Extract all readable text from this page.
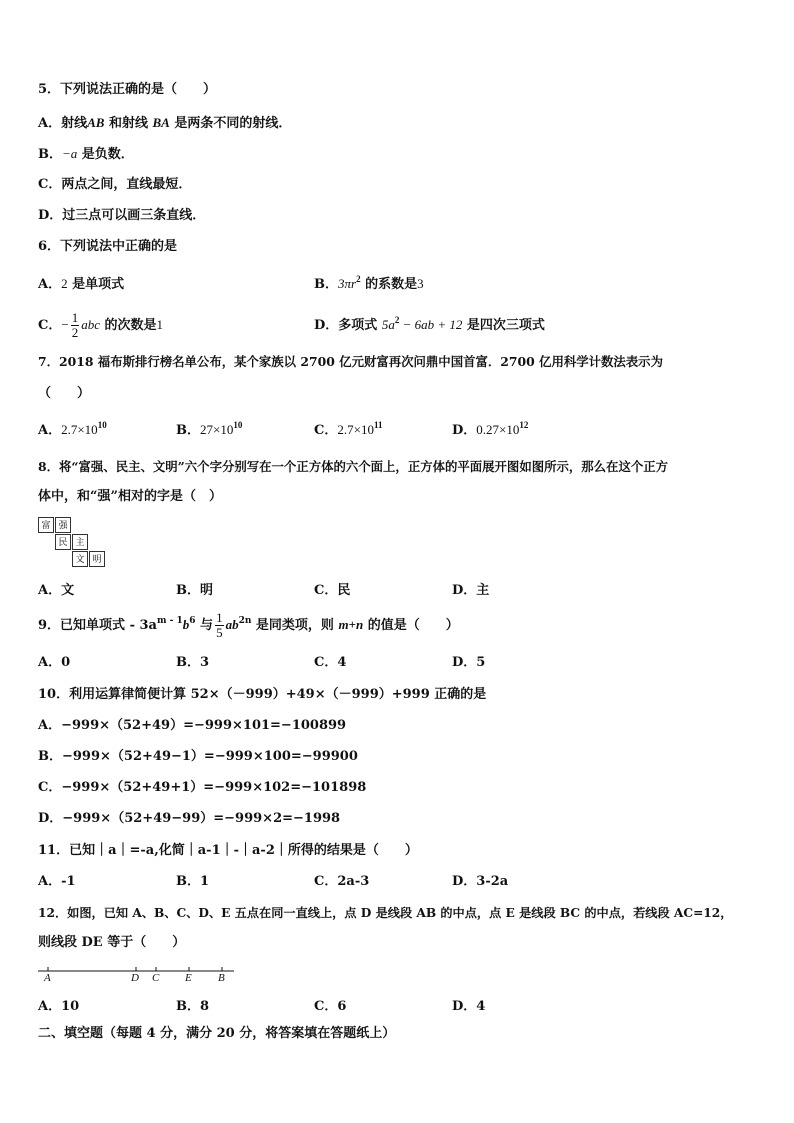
5．下列说法正确的是（　　）
A．射线AB 和射线 BA 是两条不同的射线．
B．−a 是负数．
C．两点之间，直线最短．
D．过三点可以画三条直线．
6．下列说法中正确的是
A．2 是单项式	B．$3\pi r^2$ 的系数是3
C．− $\frac{1}{2}$ abc 的次数是1	D．多项式 $5a^2 - 6ab + 12$ 是四次三项式
7．2018 福布斯排行榜名单公布，某个家族以 2700 亿元财富再次问鼎中国首富．2700 亿用科学计数法表示为
（　　）
A．$2.7\times 10^{10}$	B．$27\times 10^{10}$	C．$2.7\times 10^{11}$	D．$0.27\times 10^{12}$
8．将“富强、民主、文明”六个字分别写在一个正方体的六个面上，正方体的平面展开图如图所示，那么在这个正方
体中，和“强”相对的字是（　）
富 强
民 主
文 明
A．文	B．明	C．民	D．主
9．已知单项式 - $3a^{m - 1}b^6$ 与 $\frac{1}{5} ab^{2n}$ 是同类项，则 m+n 的值是（　　）
A．0	B．3	C．4	D．5
10．利用运算律简便计算 52×（－999）+49×（－999）+999 正确的是
A．−999×（52+49）=−999×101=−100899
B．−999×（52+49−1）=−999×100=−99900
C．−999×（52+49+1）=−999×102=−101898
D．−999×（52+49−99）=−999×2=−1998
11．已知｜a｜=-a,化简｜a-1｜-｜a-2｜所得的结果是（　　）
A．-1	B．1	C．2a-3	D．3-2a
12．如图，已知 A、B、C、D、E 五点在同一直线上，点 D 是线段 AB 的中点，点 E 是线段 BC 的中点，若线段 AC=12，
则线段 DE 等于（　　）
A	D C E B
A．10	B．8	C．6	D．4
二、填空题（每题 4 分，满分 20 分，将答案填在答题纸上）
